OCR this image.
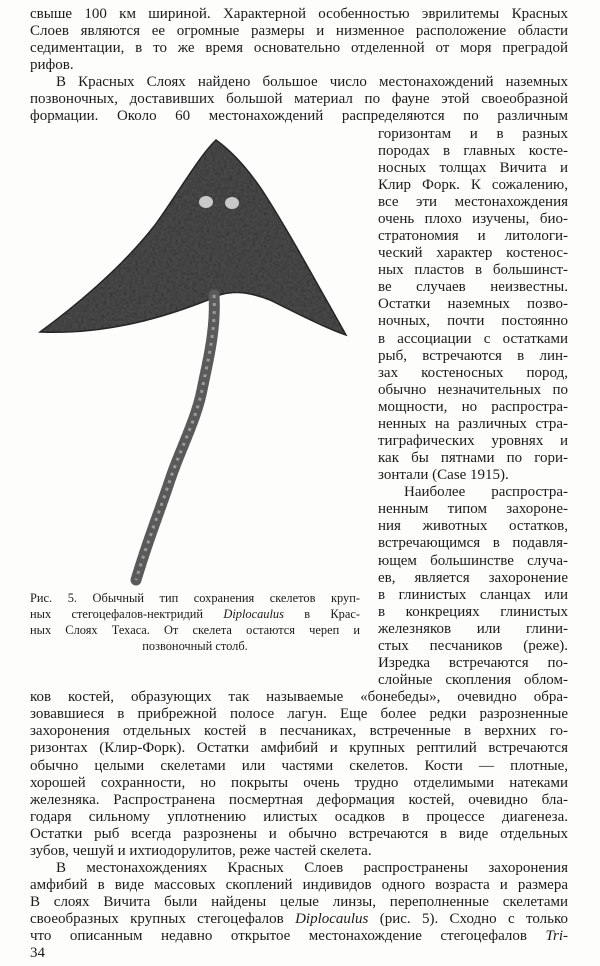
свыше 100 км шириной. Характерной особенностью эврилитемы Красных
Слоев являются ее огромные размеры и низменное расположение области
седиментации, в то же время основательно отделенной от моря преградой
рифов.
В Красных Слоях найдено большое число местонахождений наземных
позвоночных, доставивших большой материал по фауне этой своеобразной
формации. Около 60 местонахождений распределяются по различным
горизонтам и в разных
породах в главных косте-
носных толщах Вичита и
Клир Форк. К сожалению,
все эти местонахождения
очень плохо изучены, био-
стратономия и литологи-
ческий характер костенос-
ных пластов в большинст-
ве случаев неизвестны.
Остатки наземных позво-
ночных, почти постоянно
в ассоциации с остатками
рыб, встречаются в лин-
зах костеносных пород,
обычно незначительных по
мощности, но распростра-
ненных на различных стра-
тиграфических уровнях и
как бы пятнами по гори-
зонтали (Case 1915).
Наиболее распростра-
ненным типом захороне-
ния животных остатков,
встречающимся в подавля-
ющем большинстве случа-
ев, является захоронение
в глинистых сланцах или
в конкрециях глинистых
железняков или глини-
стых песчаников (реже).
Изредка встречаются по-
слойные скопления облом-
ков костей, образующих так называемые «бонебеды», очевидно обра-
зовавшиеся в прибрежной полосе лагун. Еще более редки разрозненные
захоронения отдельных костей в песчаниках, встреченные в верхних го-
ризонтах (Клир-Форк). Остатки амфибий и крупных рептилий встречаются
обычно целыми скелетами или частями скелетов. Кости — плотные,
хорошей сохранности, но покрыты очень трудно отделимыми натеками
железняка. Распространена посмертная деформация костей, очевидно бла-
годаря сильному уплотнению илистых осадков в процессе диагенеза.
Остатки рыб всегда разрознены и обычно встречаются в виде отдельных
зубов, чешуй и ихтиодорулитов, реже частей скелета.
В местонахождениях Красных Слоев распространены захоронения
амфибий в виде массовых скоплений индивидов одного возраста и размера
В слоях Вичита были найдены целые линзы, переполненные скелетами
своеобразных крупных стегоцефалов Diplocaulus (рис. 5). Сходно с только
что описанным недавно открытое местонахождение стегоцефалов Tri-
Рис. 5. Обычный тип сохранения скелетов круп-
ных стегоцефалов-нектридий Diplocaulus в Крас-
ных Слоях Техасa. От скелета остаются череп и
позвоночный столб.
34
